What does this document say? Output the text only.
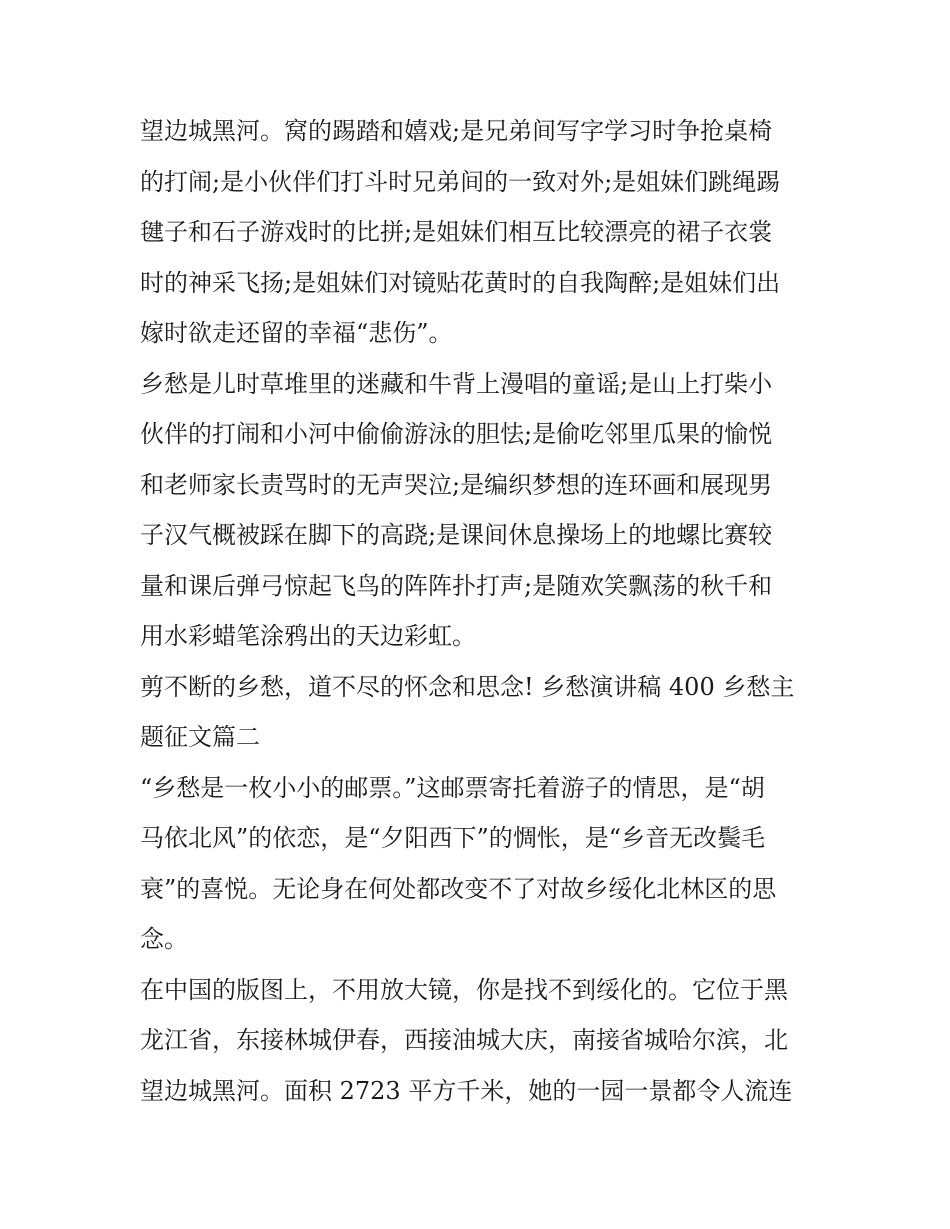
望边城黑河。窝的踢踏和嬉戏;是兄弟间写字学习时争抢桌椅
的打闹;是小伙伴们打斗时兄弟间的一致对外;是姐妹们跳绳踢
毽子和石子游戏时的比拼;是姐妹们相互比较漂亮的裙子衣裳
时的神采飞扬;是姐妹们对镜贴花黄时的自我陶醉;是姐妹们出
嫁时欲走还留的幸福“悲伤”。
乡愁是儿时草堆里的迷藏和牛背上漫唱的童谣;是山上打柴小
伙伴的打闹和小河中偷偷游泳的胆怯;是偷吃邻里瓜果的愉悦
和老师家长责骂时的无声哭泣;是编织梦想的连环画和展现男
子汉气概被踩在脚下的高跷;是课间休息操场上的地螺比赛较
量和课后弹弓惊起飞鸟的阵阵扑打声;是随欢笑飘荡的秋千和
用水彩蜡笔涂鸦出的天边彩虹。
剪不断的乡愁，道不尽的怀念和思念! 乡愁演讲稿 400 乡愁主
题征文篇二
“乡愁是一枚小小的邮票。”这邮票寄托着游子的情思，是“胡
马依北风”的依恋，是“夕阳西下”的惆怅，是“乡音无改鬓毛
衰”的喜悦。无论身在何处都改变不了对故乡绥化北林区的思
念。
在中国的版图上，不用放大镜，你是找不到绥化的。它位于黑
龙江省，东接林城伊春，西接油城大庆，南接省城哈尔滨，北
望边城黑河。面积 2723 平方千米，她的一园一景都令人流连
